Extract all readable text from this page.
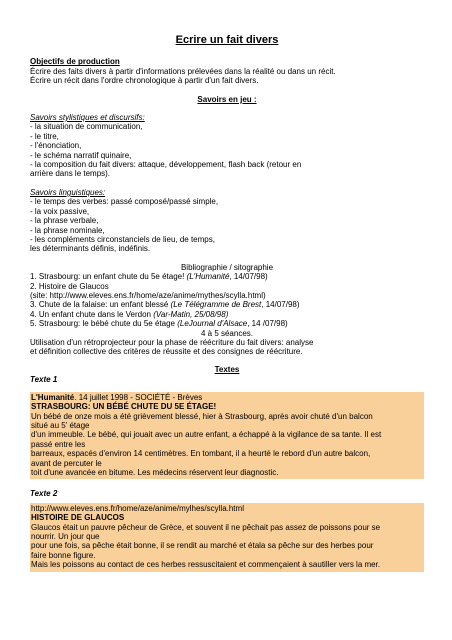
Ecrire un fait divers
Objectifs de production
Écrire des faits divers à partir d'informations prélevées dans la réalité ou dans un récit.
Écrire un récit dans l'ordre chronologique à partir d'un fait divers.
Savoirs en jeu :
Savoirs stylistiques et discursifs:
- la situation de communication,
- le titre,
- l'énonciation,
- le schéma narratif quinaire,
- la composition du fait divers: attaque, développement, flash back (retour en
arrière dans le temps).
Savoirs linguistiques:
- le temps des verbes: passé composé/passé simple,
- la voix passive,
- la phrase verbale,
- la phrase nominale,
- les compléments circonstanciels de lieu, de temps,
les déterminants définis, indéfinis.
Bibliographie / sitographie
1. Strasbourg: un enfant chute du 5e étage! (L'Humanité, 14/07/98)
2. Histoire de Glaucos
(site: http://www.eleves.ens.fr/home/aze/anime/mythes/scylla.html)
3. Chute de la falaise: un enfant blessé (Le Télégramme de Brest, 14/07/98)
4. Un enfant chute dans le Verdon (Var-Matin, 25/08/98)
5. Strasbourg: le bébé chute du 5e étage (LeJournal d'Alsace, 14 /07/98)
4 à 5 séances.
Utilisation d'un rétroprojecteur pour la phase de réécriture du fait divers: analyse
et définition collective des critères de réussite et des consignes de réécriture.
Textes
Texte 1
L'Humanité. 14 juillet 1998 - SOCIÉTÉ - Brèves
STRASBOURG: UN BÉBÉ CHUTE DU 5E ÉTAGE!
Un bébé de onze mois a été grièvement blessé, hier à Strasbourg, après avoir chuté d'un balcon
situé au 5' étage
d'un immeuble. Le bébé, qui jouait avec un autre enfant, a échappé à la vigilance de sa tante. Il est
passé entre les
barreaux, espacés d'environ 14 centimètres. En tombant, il a heurté le rebord d'un autre balcon,
avant de percuter le
toit d'une avancée en bitume. Les médecins réservent leur diagnostic.
Texte 2
http://www.eleves.ens.fr/home/aze/anime/mylhes/scylla.html
HISTOIRE DE GLAUCOS
Glaucos était un pauvre pêcheur de Grèce, et souvent il ne pêchait pas assez de poissons pour se
nourrir. Un jour que
pour une fois, sa pêche était bonne, il se rendit au marché et étala sa pêche sur des herbes pour
faire bonne figure.
Mais les poissons au contact de ces herbes ressuscitaient et commençaient à sautiller vers la mer.
